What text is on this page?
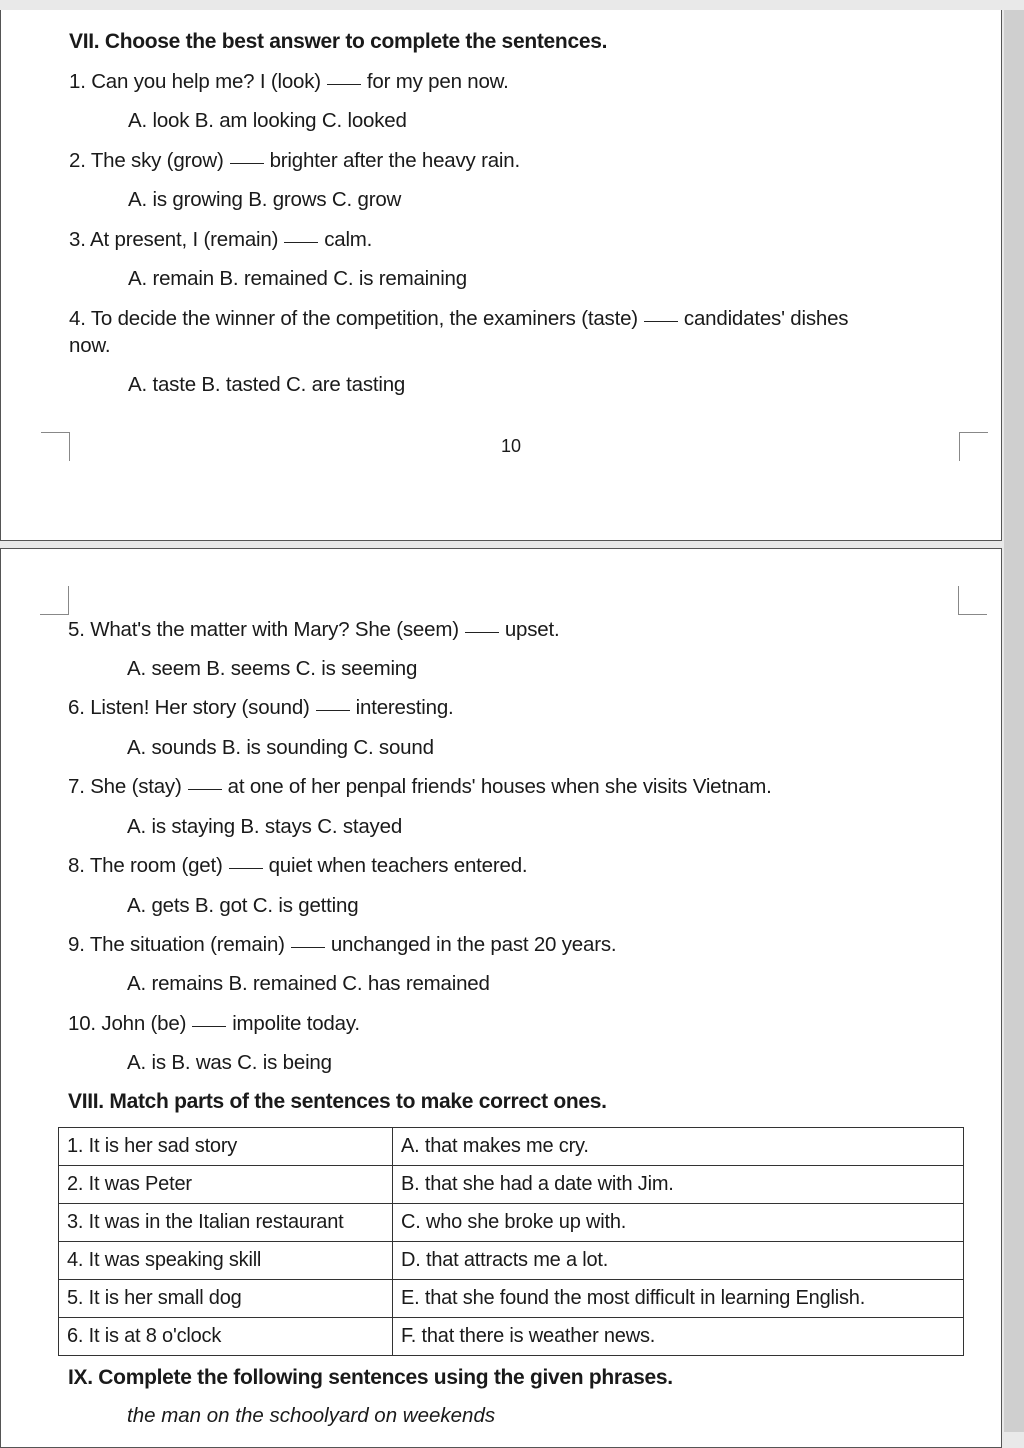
VII. Choose the best answer to complete the sentences.
1. Can you help me? I (look) for my pen now.
A. look B. am looking C. looked
2. The sky (grow) brighter after the heavy rain.
A. is growing B. grows C. grow
3. At present, I (remain) calm.
A. remain B. remained C. is remaining
4. To decide the winner of the competition, the examiners (taste) candidates' dishes
now.
A. taste B. tasted C. are tasting
10
5. What's the matter with Mary? She (seem) upset.
A. seem B. seems C. is seeming
6. Listen! Her story (sound) interesting.
A. sounds B. is sounding C. sound
7. She (stay) at one of her penpal friends' houses when she visits Vietnam.
A. is staying B. stays C. stayed
8. The room (get) quiet when teachers entered.
A. gets B. got C. is getting
9. The situation (remain) unchanged in the past 20 years.
A. remains B. remained C. has remained
10. John (be) impolite today.
A. is B. was C. is being
VIII. Match parts of the sentences to make correct ones.
1. It is her sad story	A. that makes me cry.
2. It was Peter	B. that she had a date with Jim.
3. It was in the Italian restaurant	C. who she broke up with.
4. It was speaking skill	D. that attracts me a lot.
5. It is her small dog	E. that she found the most difficult in learning English.
6. It is at 8 o'clock	F. that there is weather news.
IX. Complete the following sentences using the given phrases.
the man on the schoolyard on weekends
